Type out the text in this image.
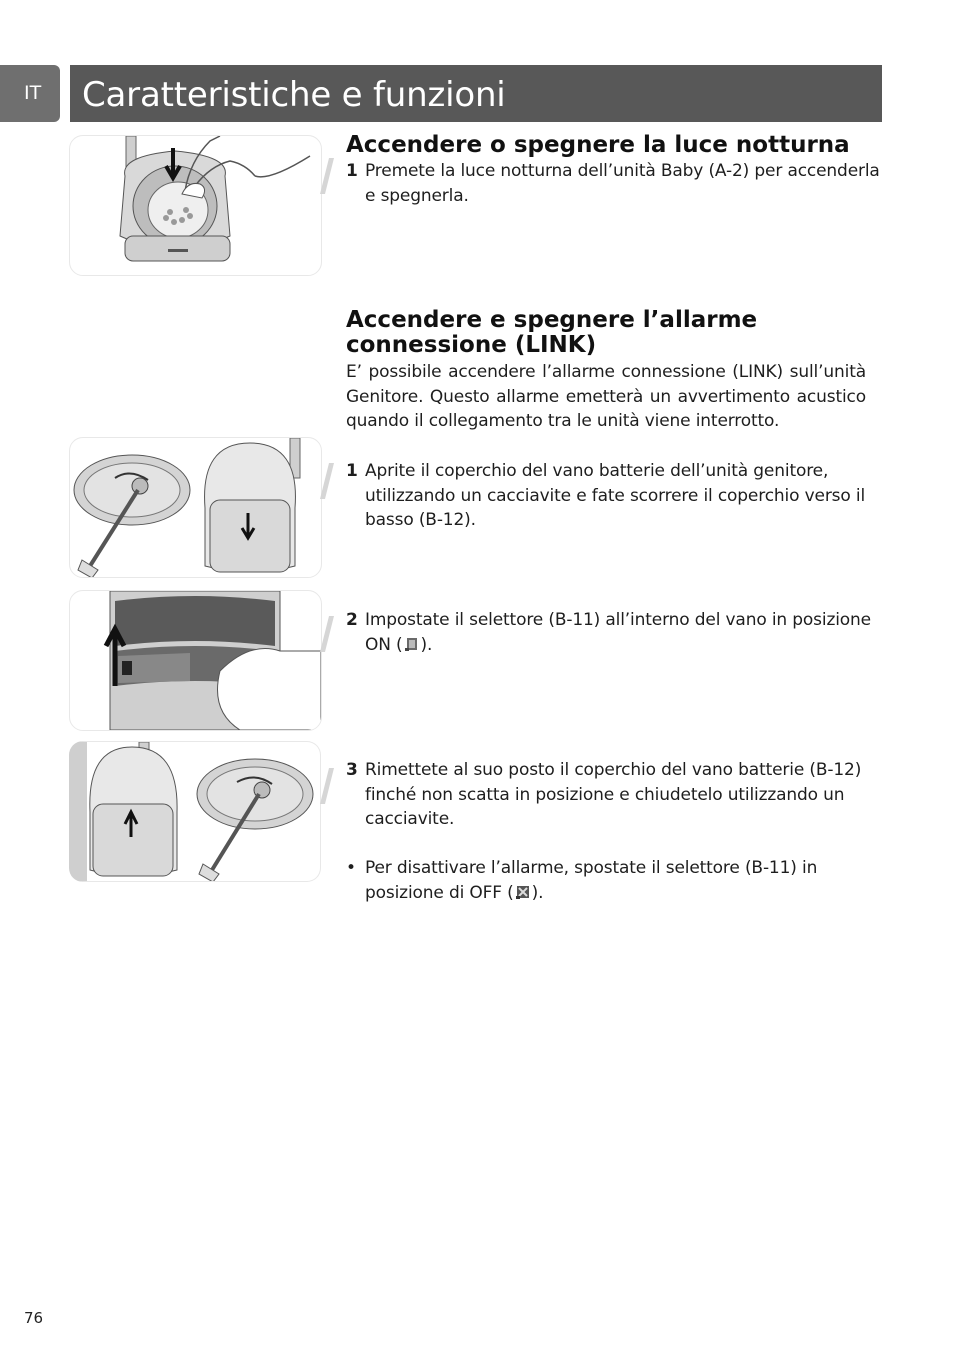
IT	Caratteristiche e funzioni
Accendere o spegnere la luce notturna
1 Premete la luce notturna dell’unità Baby (A-2) per accenderla e spegnerla.
Accendere e spegnere l’allarme
connessione (LINK)

E’ possibile accendere l’allarme connessione (LINK) sull’unità Genitore. Questo allarme emetterà un avvertimento acustico quando il collegamento tra le unità viene interrotto.

1 Aprite il coperchio del vano batterie dell’unità genitore, utilizzando un cacciavite e fate scorrere il coperchio verso il basso (B-12).
2 Impostate il selettore (B-11) all’interno del vano in posizione ON ( ).
3 Rimettete al suo posto il coperchio del vano batterie (B-12) finché non scatta in posizione e chiudetelo utilizzando un cacciavite.
• Per disattivare l’allarme, spostate il selettore (B-11) in posizione di OFF ( ).
76
